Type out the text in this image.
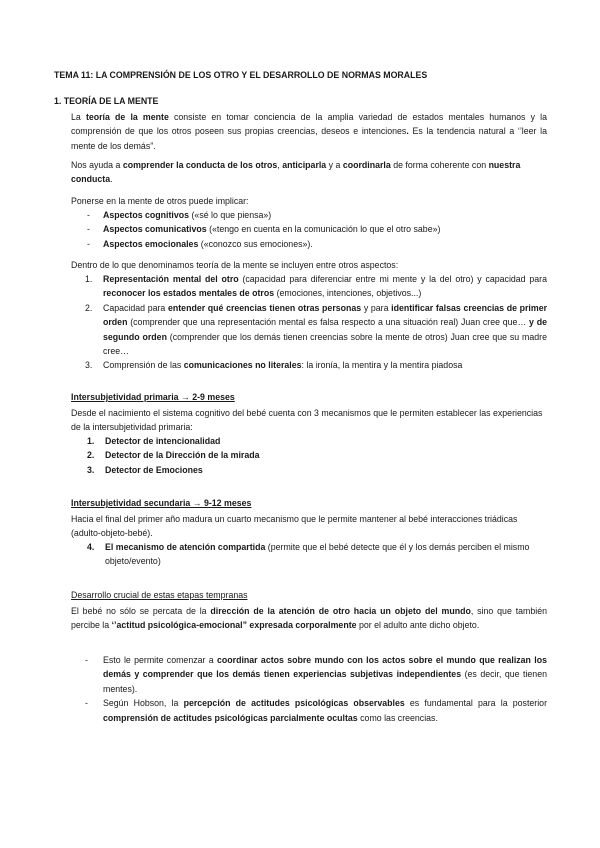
TEMA 11: LA COMPRENSIÓN DE LOS OTRO Y EL DESARROLLO DE NORMAS MORALES
1. TEORÍA DE LA MENTE

La teoría de la mente consiste en tomar conciencia de la amplia variedad de estados mentales humanos y la comprensión de que los otros poseen sus propias creencias, deseos e intenciones. Es la tendencia natural a ‘’leer la mente de los demás”.

Nos ayuda a comprender la conducta de los otros, anticiparla y a coordinarla de forma coherente con nuestra conducta.

Ponerse en la mente de otros puede implicar:

- Aspectos cognitivos («sé lo que piensa»)
- Aspectos comunicativos («tengo en cuenta en la comunicación lo que el otro sabe»)
- Aspectos emocionales («conozco sus emociones»).

Dentro de lo que denominamos teoría de la mente se incluyen entre otros aspectos:

1. Representación mental del otro (capacidad para diferenciar entre mi mente y la del otro) y capacidad para reconocer los estados mentales de otros (emociones, intenciones, objetivos...)
2. Capacidad para entender qué creencias tienen otras personas y para identificar falsas creencias de primer orden (comprender que una representación mental es falsa respecto a una situación real) Juan cree que… y de segundo orden (comprender que los demás tienen creencias sobre la mente de otros) Juan cree que su madre cree…
3. Comprensión de las comunicaciones no literales: la ironía, la mentira y la mentira piadosa

Intersubjetividad primaria → 2-9 meses

Desde el nacimiento el sistema cognitivo del bebé cuenta con 3 mecanismos que le permiten establecer las experiencias de la intersubjetividad primaria:

1. Detector de intencionalidad
2. Detector de la Dirección de la mirada
3. Detector de Emociones

Intersubjetividad secundaria → 9-12 meses

Hacia el final del primer año madura un cuarto mecanismo que le permite mantener al bebé interacciones triádicas (adulto-objeto-bebé).

4. El mecanismo de atención compartida (permite que el bebé detecte que él y los demás perciben el mismo objeto/evento)

Desarrollo crucial de estas etapas tempranas

El bebé no sólo se percata de la dirección de la atención de otro hacia un objeto del mundo, sino que también percibe la ‘’actitud psicológica-emocional” expresada corporalmente por el adulto ante dicho objeto.

- Esto le permite comenzar a coordinar actos sobre mundo con los actos sobre el mundo que realizan los demás y comprender que los demás tienen experiencias subjetivas independientes (es decir, que tienen mentes).
- Según Hobson, la percepción de actitudes psicológicas observables es fundamental para la posterior comprensión de actitudes psicológicas parcialmente ocultas como las creencias.
